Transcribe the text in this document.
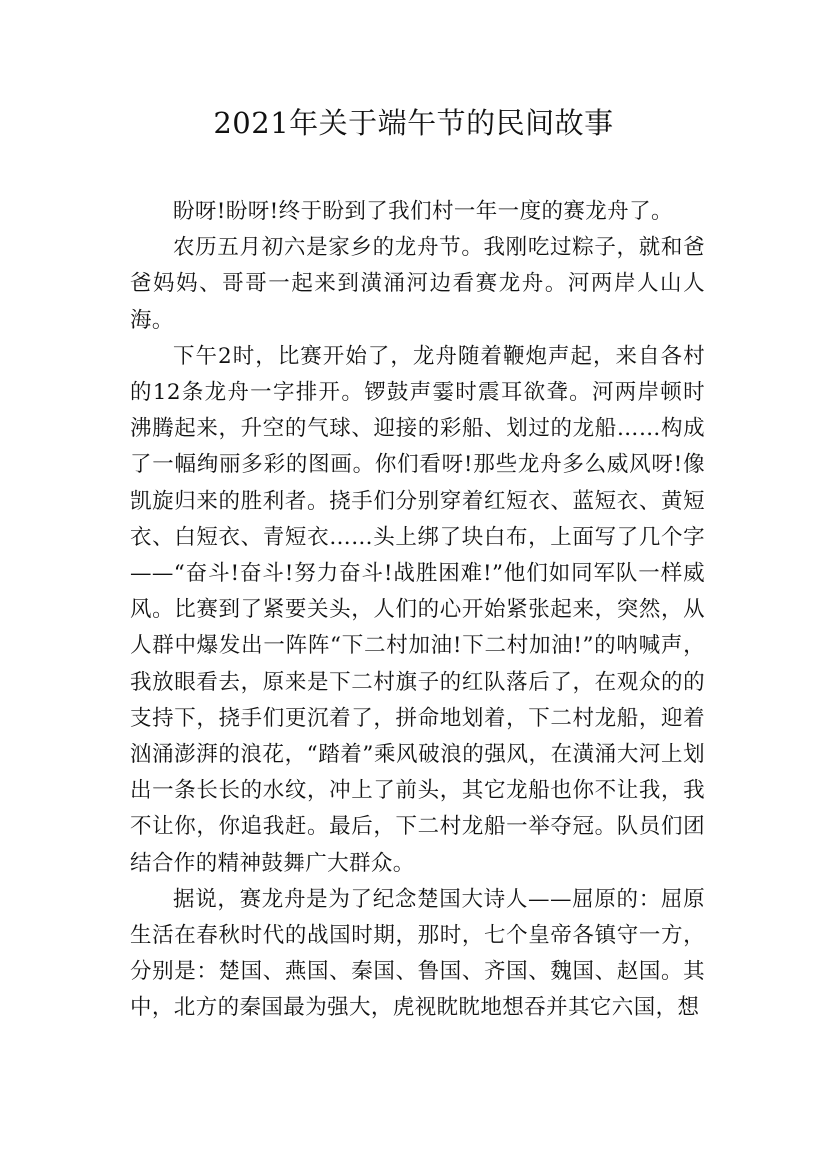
2021年关于端午节的民间故事

盼呀!盼呀!终于盼到了我们村一年一度的赛龙舟了。

农历五月初六是家乡的龙舟节。我刚吃过粽子，就和爸爸妈妈、哥哥一起来到潢涌河边看赛龙舟。河两岸人山人海。

下午2时，比赛开始了，龙舟随着鞭炮声起，来自各村的12条龙舟一字排开。锣鼓声霎时震耳欲聋。河两岸顿时沸腾起来，升空的气球、迎接的彩船、划过的龙船……构成了一幅绚丽多彩的图画。你们看呀!那些龙舟多么威风呀!像凯旋归来的胜利者。挠手们分别穿着红短衣、蓝短衣、黄短衣、白短衣、青短衣……头上绑了块白布，上面写了几个字——“奋斗!奋斗!努力奋斗!战胜困难!”他们如同军队一样威风。比赛到了紧要关头，人们的心开始紧张起来，突然，从人群中爆发出一阵阵“下二村加油!下二村加油!”的呐喊声，我放眼看去，原来是下二村旗子的红队落后了，在观众的的支持下，挠手们更沉着了，拼命地划着，下二村龙船，迎着汹涌澎湃的浪花，“踏着”乘风破浪的强风，在潢涌大河上划出一条长长的水纹，冲上了前头，其它龙船也你不让我，我不让你，你追我赶。最后，下二村龙船一举夺冠。队员们团结合作的精神鼓舞广大群众。

据说，赛龙舟是为了纪念楚国大诗人——屈原的：屈原生活在春秋时代的战国时期，那时，七个皇帝各镇守一方，分别是：楚国、燕国、秦国、鲁国、齐国、魏国、赵国。其中，北方的秦国最为强大，虎视眈眈地想吞并其它六国，想
